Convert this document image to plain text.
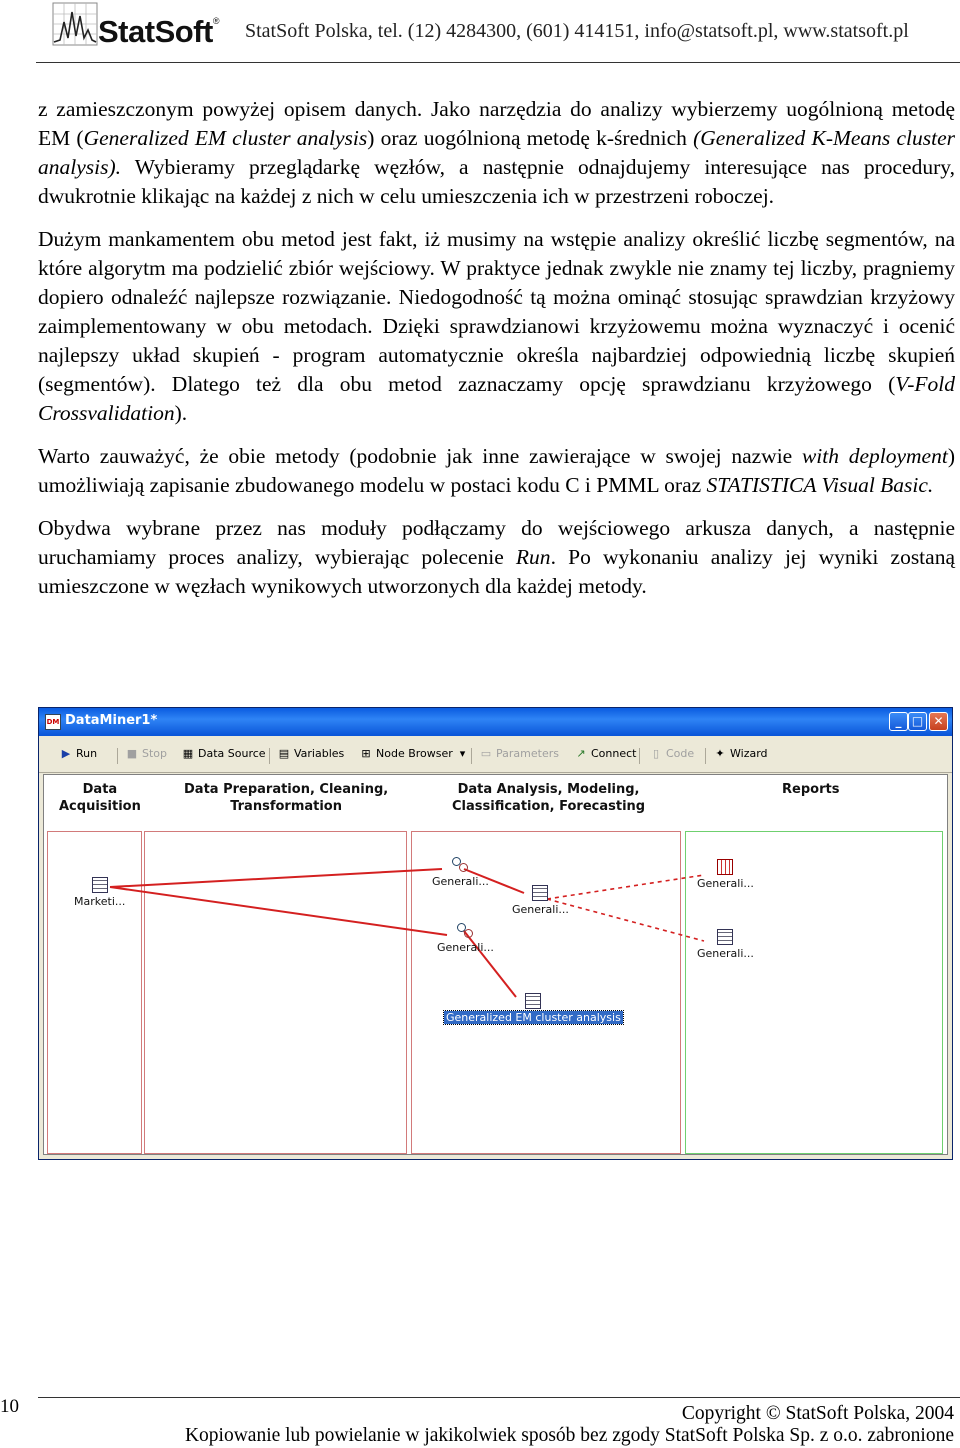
StatSoft® StatSoft Polska, tel. (12) 4284300, (601) 414151, info@statsoft.pl, www.statsoft.pl

z zamieszczonym powyżej opisem danych. Jako narzędzia do analizy wybierzemy uogólnioną metodę EM (Generalized EM cluster analysis) oraz uogólnioną metodę k-średnich (Generalized K-Means cluster analysis). Wybieramy przeglądarkę węzłów, a następnie odnajdujemy interesujące nas procedury, dwukrotnie klikając na każdej z nich w celu umieszczenia ich w przestrzeni roboczej.

Dużym mankamentem obu metod jest fakt, iż musimy na wstępie analizy określić liczbę segmentów, na które algorytm ma podzielić zbiór wejściowy. W praktyce jednak zwykle nie znamy tej liczby, pragniemy dopiero odnaleźć najlepsze rozwiązanie. Niedogodność tą można ominąć stosując sprawdzian krzyżowy zaimplementowany w obu metodach. Dzięki sprawdzianowi krzyżowemu można wyznaczyć i ocenić najlepszy układ skupień - program automatycznie określa najbardziej odpowiednią liczbę skupień (segmentów). Dlatego też dla obu metod zaznaczamy opcję sprawdzianu krzyżowego (V-Fold Crossvalidation).

Warto zauważyć, że obie metody (podobnie jak inne zawierające w swojej nazwie with deployment) umożliwiają zapisanie zbudowanego modelu w postaci kodu C i PMML oraz STATISTICA Visual Basic.

Obydwa wybrane przez nas moduły podłączamy do wejściowego arkusza danych, a następnie uruchamiamy proces analizy, wybierając polecenie Run. Po wykonaniu analizy jej wyniki zostaną umieszczone w węzłach wynikowych utworzonych dla każdej metody.

DM DataMiner1*	_ □ ✕
▶ Run	■ Stop ▦ Data Source ▤ Variables ⊞ Node Browser ▾ ▭ Parameters ↗ Connect	▯ Code ✦ Wizard
Data
Acquisition
Data Preparation, Cleaning,
Transformation
Data Analysis, Modeling,
Classification, Forecasting
Reports
Marketi...
Generali...
Generali...
Generali...
Generalized EM cluster analysis
Generali...
Generali...
10	Copyright © StatSoft Polska, 2004
Kopiowanie lub powielanie w jakikolwiek sposób bez zgody StatSoft Polska Sp. z o.o. zabronione
